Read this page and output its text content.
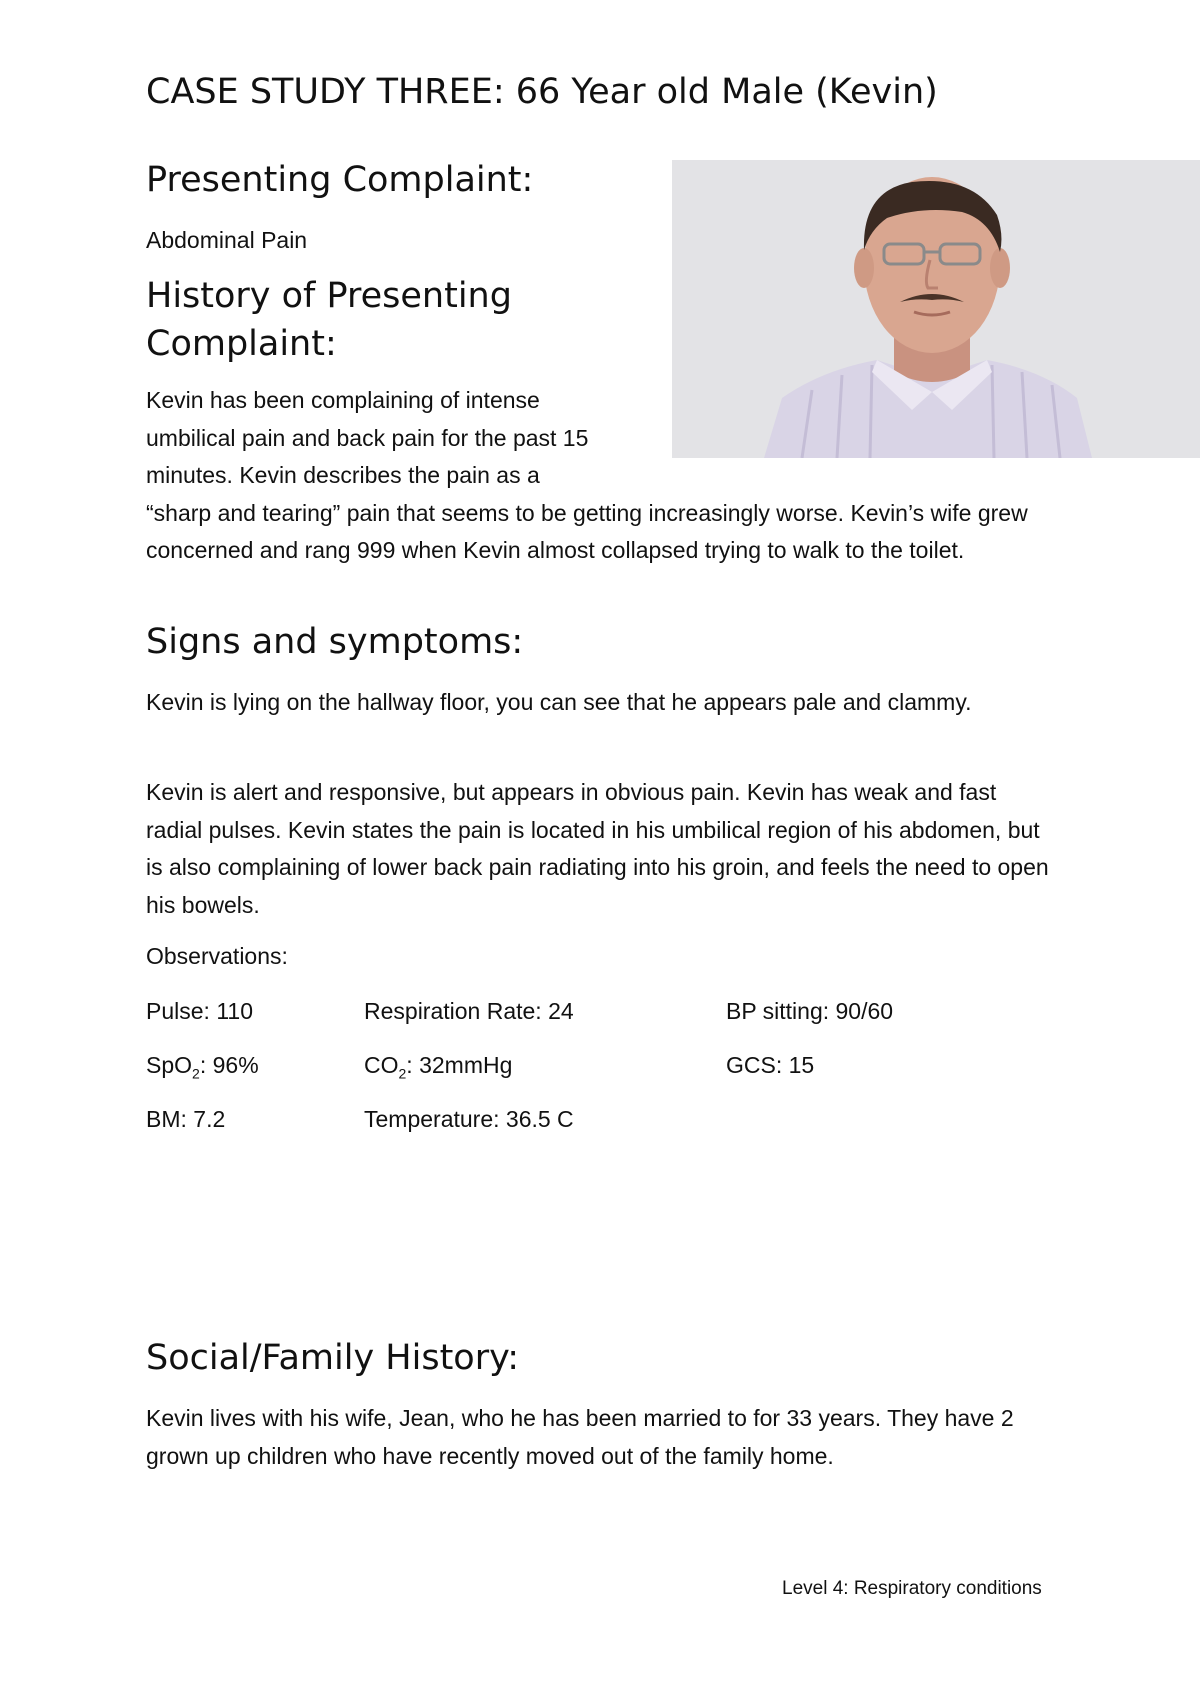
CASE STUDY THREE: 66 Year old Male (Kevin)
Presenting Complaint:

Abdominal Pain

History of Presenting
Complaint:

Kevin has been complaining of intense
umbilical pain and back pain for the past 15
minutes. Kevin describes the pain as a
“sharp and tearing” pain that seems to be getting increasingly worse. Kevin’s wife grew concerned and rang 999 when Kevin almost collapsed trying to walk to the toilet.

Signs and symptoms:

Kevin is lying on the hallway floor, you can see that he appears pale and clammy.

Kevin is alert and responsive, but appears in obvious pain. Kevin has weak and fast radial pulses. Kevin states the pain is located in his umbilical region of his abdomen, but is also complaining of lower back pain radiating into his groin, and feels the need to open his bowels.

Observations:

Pulse: 110	Respiration Rate: 24	BP sitting: 90/60
SpO$_2$: 96%	$CO_2$: 32mmHg	GCS: 15
BM: 7.2	Temperature: 36.5 C
Social/Family History:

Kevin lives with his wife, Jean, who he has been married to for 33 years. They have 2 grown up children who have recently moved out of the family home.

Level 4: Respiratory conditions
